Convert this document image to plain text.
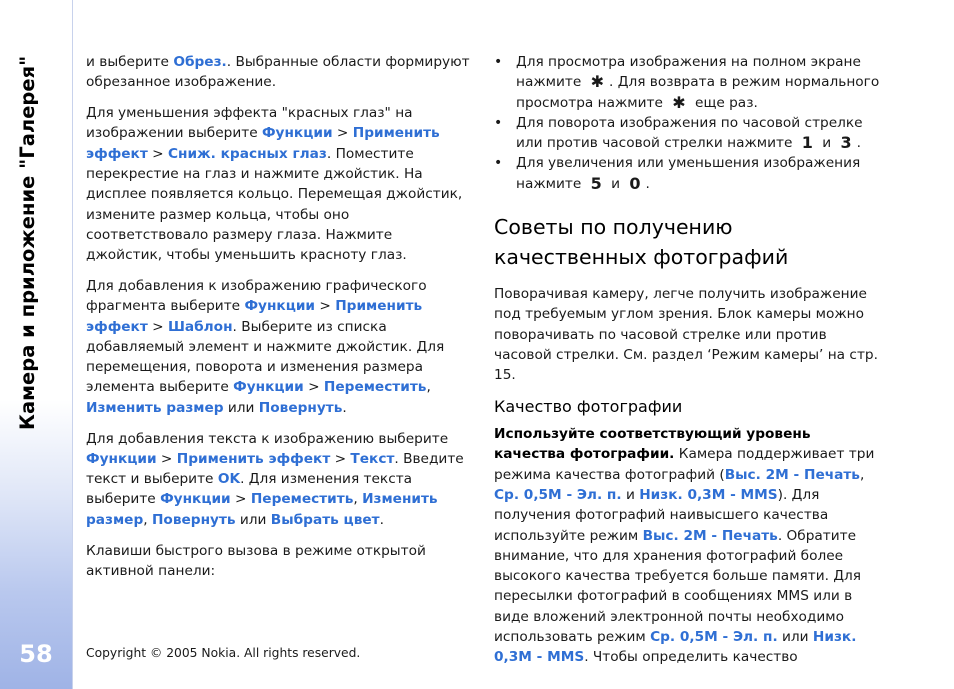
Камера и приложение "Галерея"
58

и выберите Обрез.. Выбранные области формируют обрезанное изображение.

Для уменьшения эффекта "красных глаз" на изображении выберите Функции > Применить эффект > Сниж. красных глаз. Поместите перекрестие на глаз и нажмите джойстик. На дисплее появляется кольцо. Перемещая джойстик, измените размер кольца, чтобы оно соответствовало размеру глаза. Нажмите джойстик, чтобы уменьшить красноту глаз.

Для добавления к изображению графического фрагмента выберите Функции > Применить эффект > Шаблон. Выберите из списка добавляемый элемент и нажмите джойстик. Для перемещения, поворота и изменения размера элемента выберите Функции > Переместить, Изменить размер или Повернуть.

Для добавления текста к изображению выберите Функции > Применить эффект > Текст. Введите текст и выберите OK. Для изменения текста выберите Функции > Переместить, Изменить размер, Повернуть или Выбрать цвет.

Клавиши быстрого вызова в режиме открытой активной панели:

• Для просмотра изображения на полном экране нажмите ✱ . Для возврата в режим нормального просмотра нажмите ✱ еще раз.
• Для поворота изображения по часовой стрелке или против часовой стрелки нажмите 1 и 3 .
• Для увеличения или уменьшения изображения нажмите 5 и 0 .
Советы по получению качественных фотографий

Поворачивая камеру, легче получить изображение под требуемым углом зрения. Блок камеры можно поворачивать по часовой стрелке или против часовой стрелки. См. раздел ‘Режим камеры’ на стр. 15.

Качество фотографии

Используйте соответствующий уровень качества фотографии. Камера поддерживает три режима качества фотографий (Выс. 2M - Печать, Ср. 0,5M - Эл. п. и Низк. 0,3M - MMS). Для получения фотографий наивысшего качества используйте режим Выс. 2M - Печать. Обратите внимание, что для хранения фотографий более высокого качества требуется больше памяти. Для пересылки фотографий в сообщениях MMS или в виде вложений электронной почты необходимо использовать режим Ср. 0,5M - Эл. п. или Низк. 0,3M - MMS. Чтобы определить качество

Copyright © 2005 Nokia. All rights reserved.
